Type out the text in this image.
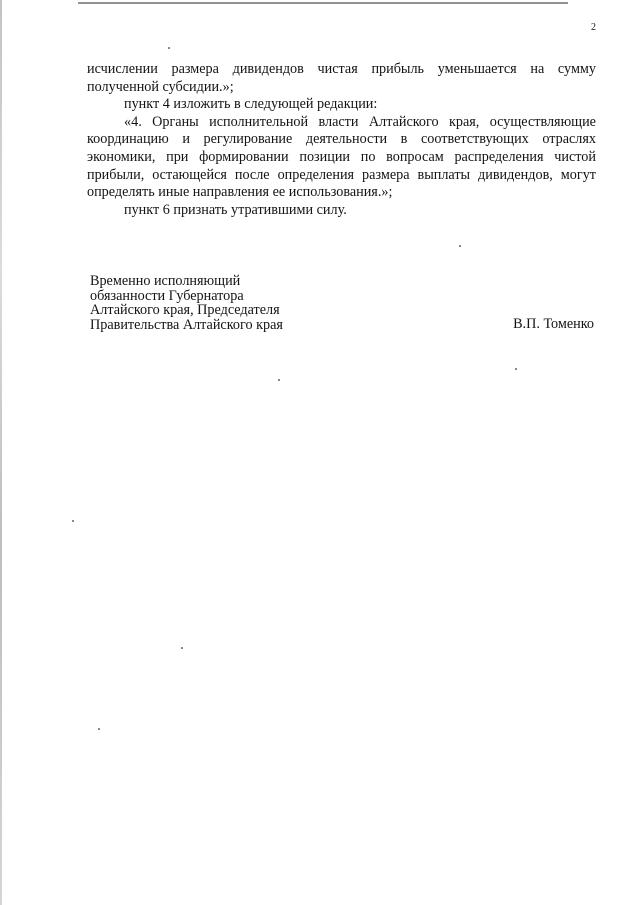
2

исчислении размера дивидендов чистая прибыль уменьшается на сумму полученной субсидии.»;

пункт 4 изложить в следующей редакции:

«4. Органы исполнительной власти Алтайского края, осуществляющие координацию и регулирование деятельности в соответствующих отраслях экономики, при формировании позиции по вопросам распределения чистой прибыли, остающейся после определения размера выплаты дивидендов, могут определять иные направления ее использования.»;

пункт 6 признать утратившими силу.

Временно исполняющий
обязанности Губернатора
Алтайского края, Председателя
Правительства Алтайского края	В.П. Томенко
